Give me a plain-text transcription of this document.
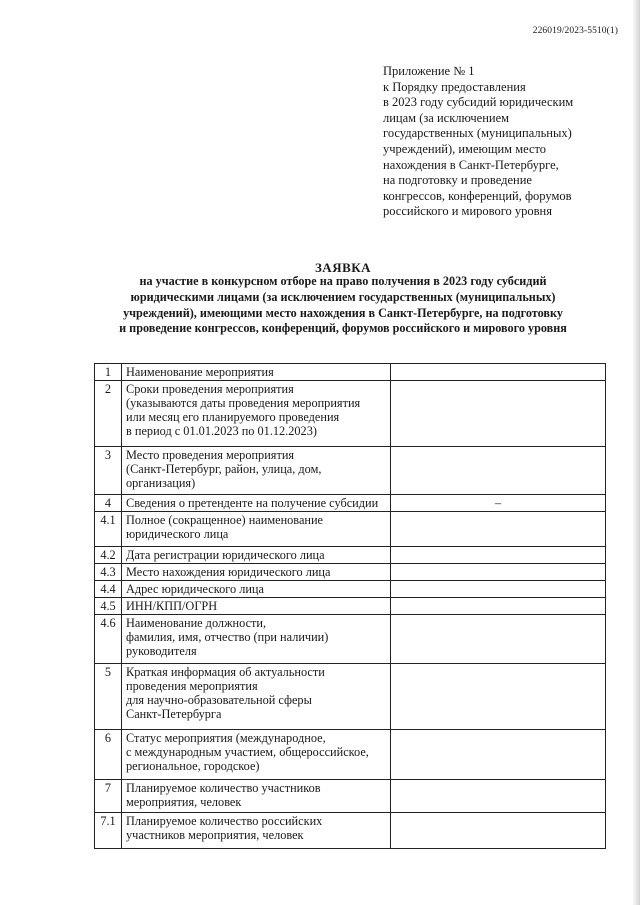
226019/2023-5510(1)
Приложение № 1
к Порядку предоставления
в 2023 году субсидий юридическим
лицам (за исключением
государственных (муниципальных)
учреждений), имеющим место
нахождения в Санкт-Петербурге,
на подготовку и проведение
конгрессов, конференций, форумов
российского и мирового уровня
ЗАЯВКА
на участие в конкурсном отборе на право получения в 2023 году субсидий
юридическими лицами (за исключением государственных (муниципальных)
учреждений), имеющими место нахождения в Санкт-Петербурге, на подготовку
и проведение конгрессов, конференций, форумов российского и мирового уровня
1	Наименование мероприятия	

2	Сроки проведения мероприятия
(указываются даты проведения мероприятия
или месяц его планируемого проведения
в период с 01.01.2023 по 01.12.2023)	

3	Место проведения мероприятия
(Санкт-Петербург, район, улица, дом,
организация)	

4	Сведения о претенденте на получение субсидии	–
4.1	Полное (сокращенное) наименование
юридического лица	

4.2	Дата регистрации юридического лица	

4.3	Место нахождения юридического лица	

4.4	Адрес юридического лица	

4.5	ИНН/КПП/ОГРН	

4.6	Наименование должности,
фамилия, имя, отчество (при наличии)
руководителя	

5	Краткая информация об актуальности
проведения мероприятия
для научно-образовательной сферы
Санкт-Петербурга	

6	Статус мероприятия (международное,
с международным участием, общероссийское,
региональное, городское)	

7	Планируемое количество участников
мероприятия, человек	

7.1	Планируемое количество российских
участников мероприятия, человек	
